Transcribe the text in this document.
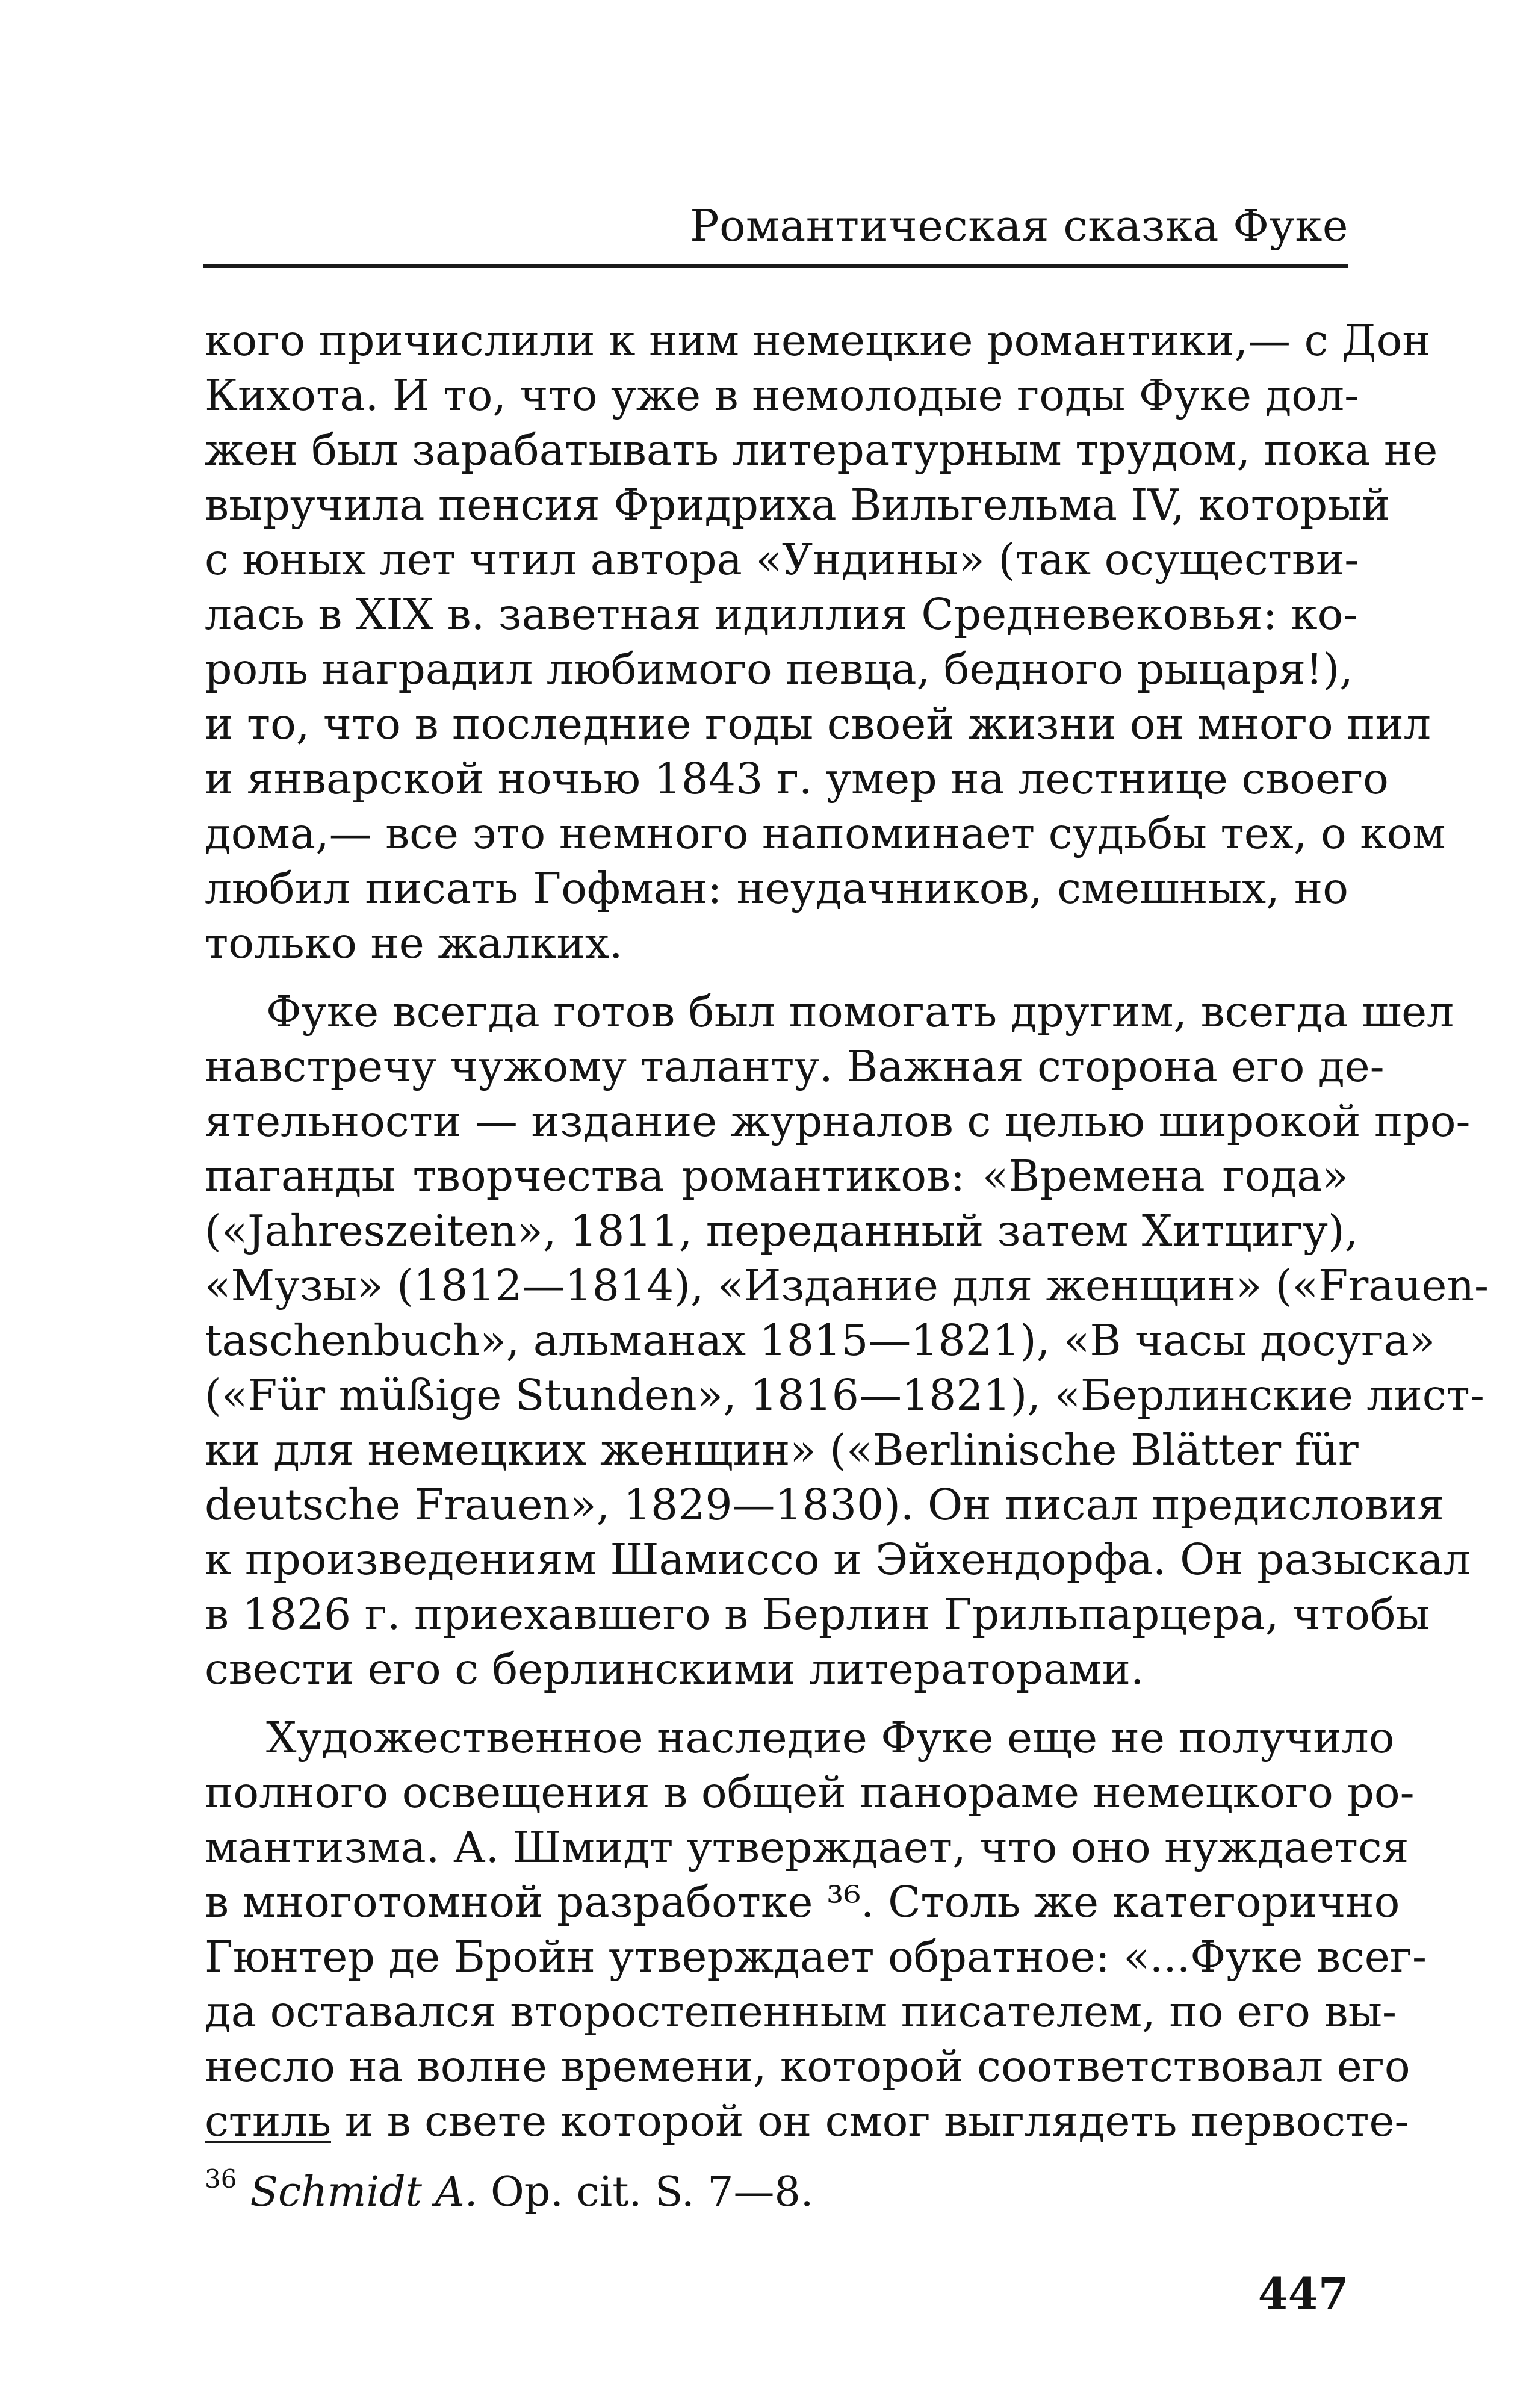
Романтическая сказка Фуке

кого причислили к ним немецкие романтики,— с Дон
Кихота. И то, что уже в немолодые годы Фуке дол-
жен был зарабатывать литературным трудом, пока не
выручила пенсия Фридриха Вильгельма IV, который
с юных лет чтил автора «Ундины» (так осуществи-
лась в XIX в. заветная идиллия Средневековья: ко-
роль наградил любимого певца, бедного рыцаря!),
и то, что в последние годы своей жизни он много пил
и январской ночью 1843 г. умер на лестнице своего
дома,— все это немного напоминает судьбы тех, о ком
любил писать Гофман: неудачников, смешных, но
только не жалких.

Фуке всегда готов был помогать другим, всегда шел
навстречу чужому таланту. Важная сторона его де-
ятельности — издание журналов с целью широкой про-
паганды творчества романтиков: «Времена года»
(«Jahreszeiten», 1811, переданный затем Хитцигу),
«Музы» (1812—1814), «Издание для женщин» («Frauen-
taschenbuch», альманах 1815—1821), «В часы досуга»
(«Für müßige Stunden», 1816—1821), «Берлинские лист-
ки для немецких женщин» («Berlinische Blätter für
deutsche Frauen», 1829—1830). Он писал предисловия
к произведениям Шамиссо и Эйхендорфа. Он разыскал
в 1826 г. приехавшего в Берлин Грильпарцера, чтобы
свести его с берлинскими литераторами.

Художественное наследие Фуке еще не получило
полного освещения в общей панораме немецкого ро-
мантизма. А. Шмидт утверждает, что оно нуждается
в многотомной разработке ³⁶. Столь же категорично
Гюнтер де Бройн утверждает обратное: «...Фуке всег-
да оставался второстепенным писателем, по его вы-
несло на волне времени, которой соответствовал его
стиль и в свете которой он смог выглядеть первосте-

$^{36}$ Schmidt A. Op. cit. S. 7—8.
447
